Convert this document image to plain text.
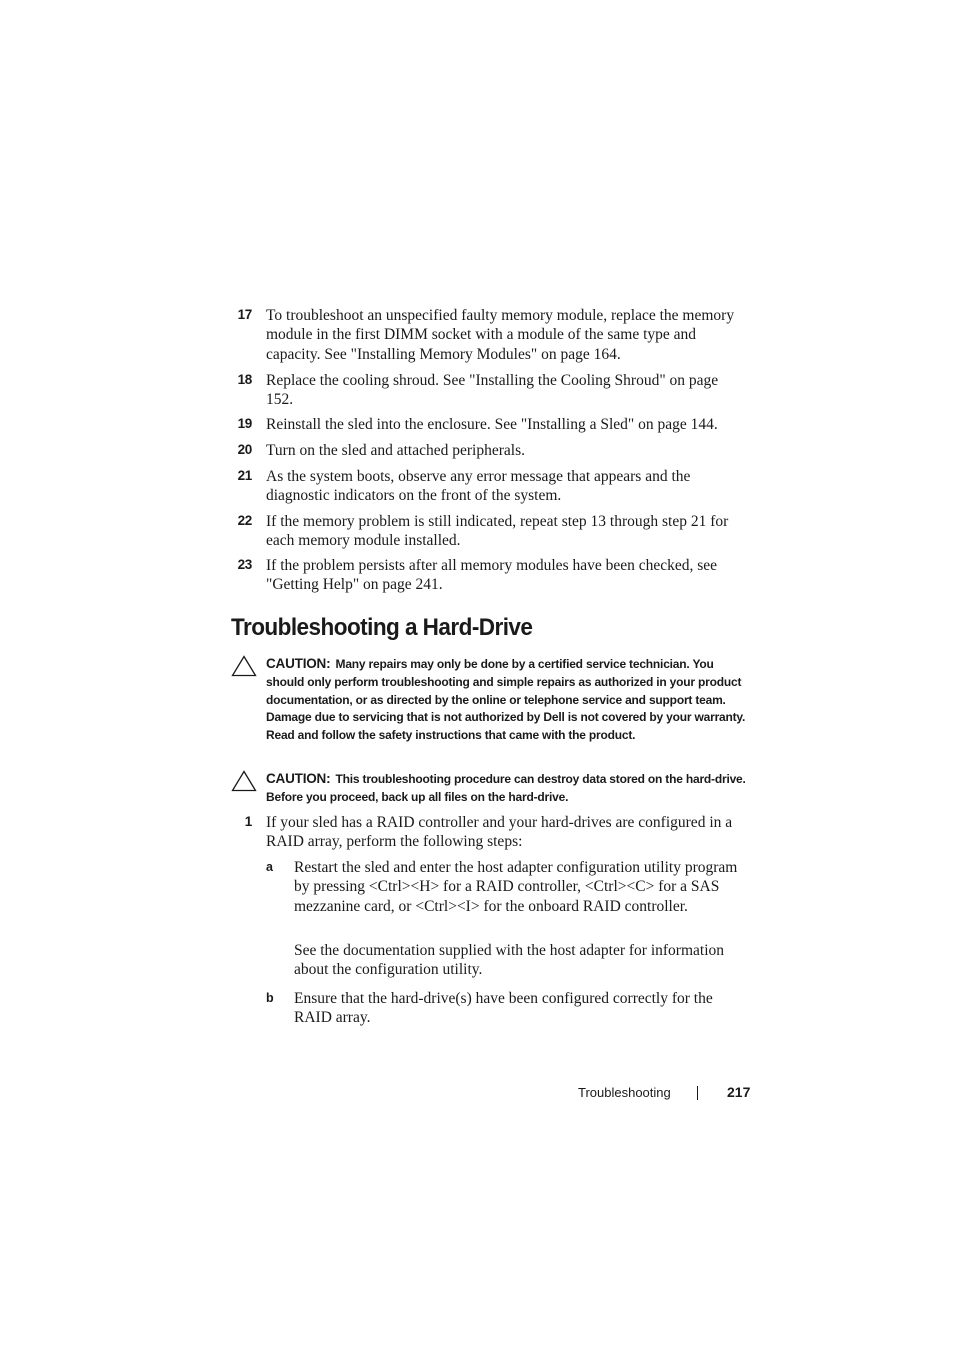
17 To troubleshoot an unspecified faulty memory module, replace the memory module in the first DIMM socket with a module of the same type and capacity. See "Installing Memory Modules" on page 164.
18 Replace the cooling shroud. See "Installing the Cooling Shroud" on page 152.
19 Reinstall the sled into the enclosure. See "Installing a Sled" on page 144.
20 Turn on the sled and attached peripherals.
21 As the system boots, observe any error message that appears and the diagnostic indicators on the front of the system.
22 If the memory problem is still indicated, repeat step 13 through step 21 for each memory module installed.
23 If the problem persists after all memory modules have been checked, see "Getting Help" on page 241.
Troubleshooting a Hard-Drive
CAUTION: Many repairs may only be done by a certified service technician. You should only perform troubleshooting and simple repairs as authorized in your product documentation, or as directed by the online or telephone service and support team. Damage due to servicing that is not authorized by Dell is not covered by your warranty. Read and follow the safety instructions that came with the product.
CAUTION: This troubleshooting procedure can destroy data stored on the hard-drive. Before you proceed, back up all files on the hard-drive.
1 If your sled has a RAID controller and your hard-drives are configured in a RAID array, perform the following steps:
a Restart the sled and enter the host adapter configuration utility program by pressing <Ctrl><H> for a RAID controller, <Ctrl><C> for a SAS mezzanine card, or <Ctrl><I> for the onboard RAID controller.
See the documentation supplied with the host adapter for information about the configuration utility.
b Ensure that the hard-drive(s) have been configured correctly for the RAID array.
Troubleshooting	217
